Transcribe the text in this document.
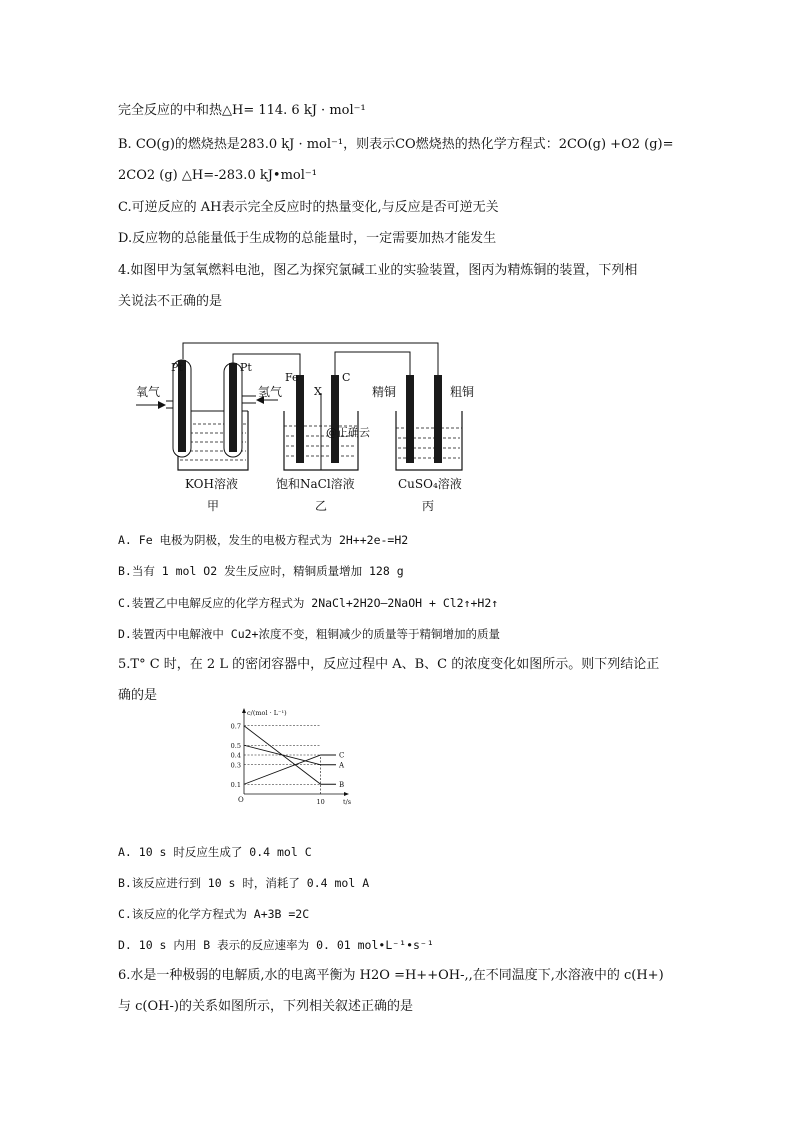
完全反应的中和热△H= 114. 6 kJ · mol⁻¹
B. CO(g)的燃烧热是283.0 kJ · mol⁻¹，则表示CO燃烧热的热化学方程式：2CO(g) +O2 (g)=
2CO2 (g) △H=-283.0 kJ•mol⁻¹
C.可逆反应的 AH表示完全反应时的热量变化,与反应是否可逆无关
D.反应物的总能量低于生成物的总能量时，一定需要加热才能发生
4.如图甲为氢氧燃料电池，图乙为探究氯碱工业的实验装置，图丙为精炼铜的装置，下列相
关说法不正确的是
Pt	Pt
氧气	氢气
Fe
X
C
@正确云
精铜	粗铜
KOH溶液	饱和NaCl溶液	CuSO₄溶液
甲	乙	丙
A. Fe 电极为阴极，发生的电极方程式为 2H++2e-=H2
B.当有 1 mol O2 发生反应时，精铜质量增加 128 g
C.装置乙中电解反应的化学方程式为 2NaCl+2H2O—2NaOH + Cl2↑+H2↑
D.装置丙中电解液中 Cu2+浓度不变，粗铜减少的质量等于精铜增加的质量
5.T° C 时，在 2 L 的密闭容器中，反应过程中 A、B、C 的浓度变化如图所示。则下列结论正
确的是
c/(mol · L⁻¹)
t/s
O
0.7
0.5
0.4
0.3
0.1
10
C
A
B
A. 10 s 时反应生成了 0.4 mol C
B.该反应进行到 10 s 时，消耗了 0.4 mol A
C.该反应的化学方程式为 A+3B =2C
D. 10 s 内用 B 表示的反应速率为 0. 01 mol•L⁻¹•s⁻¹
6.水是一种极弱的电解质,水的电离平衡为 H2O =H++OH-,,在不同温度下,水溶液中的 c(H+)
与 c(OH-)的关系如图所示，下列相关叙述正确的是
